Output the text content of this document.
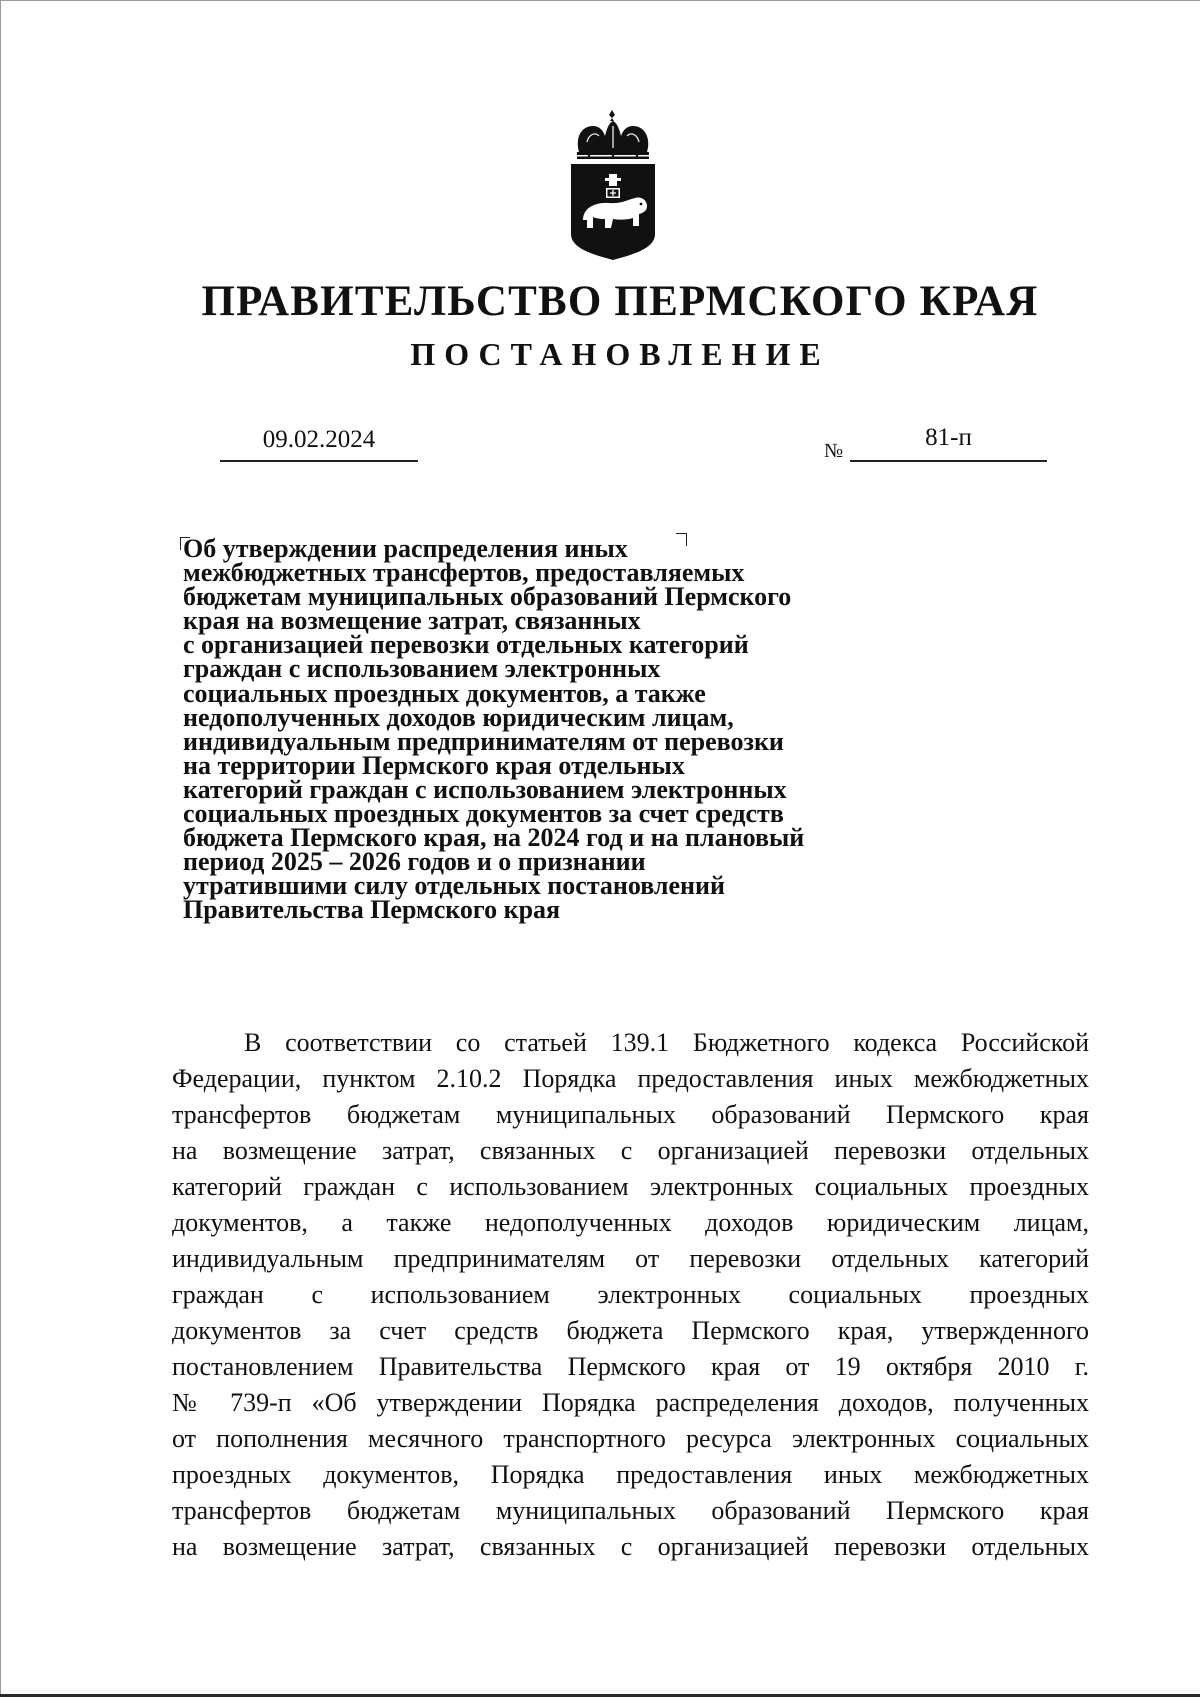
ПРАВИТЕЛЬСТВО ПЕРМСКОГО КРАЯ
ПОСТАНОВЛЕНИЕ
09.02.2024	№	81-п
Об утверждении распределения иных
межбюджетных трансфертов, предоставляемых
бюджетам муниципальных образований Пермского
края на возмещение затрат, связанных
с организацией перевозки отдельных категорий
граждан с использованием электронных
социальных проездных документов, а также
недополученных доходов юридическим лицам,
индивидуальным предпринимателям от перевозки
на территории Пермского края отдельных
категорий граждан с использованием электронных
социальных проездных документов за счет средств
бюджета Пермского края, на 2024 год и на плановый
период 2025 – 2026 годов и о признании
утратившими силу отдельных постановлений
Правительства Пермского края
В соответствии со статьей 139.1 Бюджетного кодекса Российской
Федерации, пунктом 2.10.2 Порядка предоставления иных межбюджетных
трансфертов бюджетам муниципальных образований Пермского края
на возмещение затрат, связанных с организацией перевозки отдельных
категорий граждан с использованием электронных социальных проездных
документов, а также недополученных доходов юридическим лицам,
индивидуальным предпринимателям от перевозки отдельных категорий
граждан с использованием электронных социальных проездных
документов за счет средств бюджета Пермского края, утвержденного
постановлением Правительства Пермского края от 19 октября 2010 г.
№ 739-п «Об утверждении Порядка распределения доходов, полученных
от пополнения месячного транспортного ресурса электронных социальных
проездных документов, Порядка предоставления иных межбюджетных
трансфертов бюджетам муниципальных образований Пермского края
на возмещение затрат, связанных с организацией перевозки отдельных
